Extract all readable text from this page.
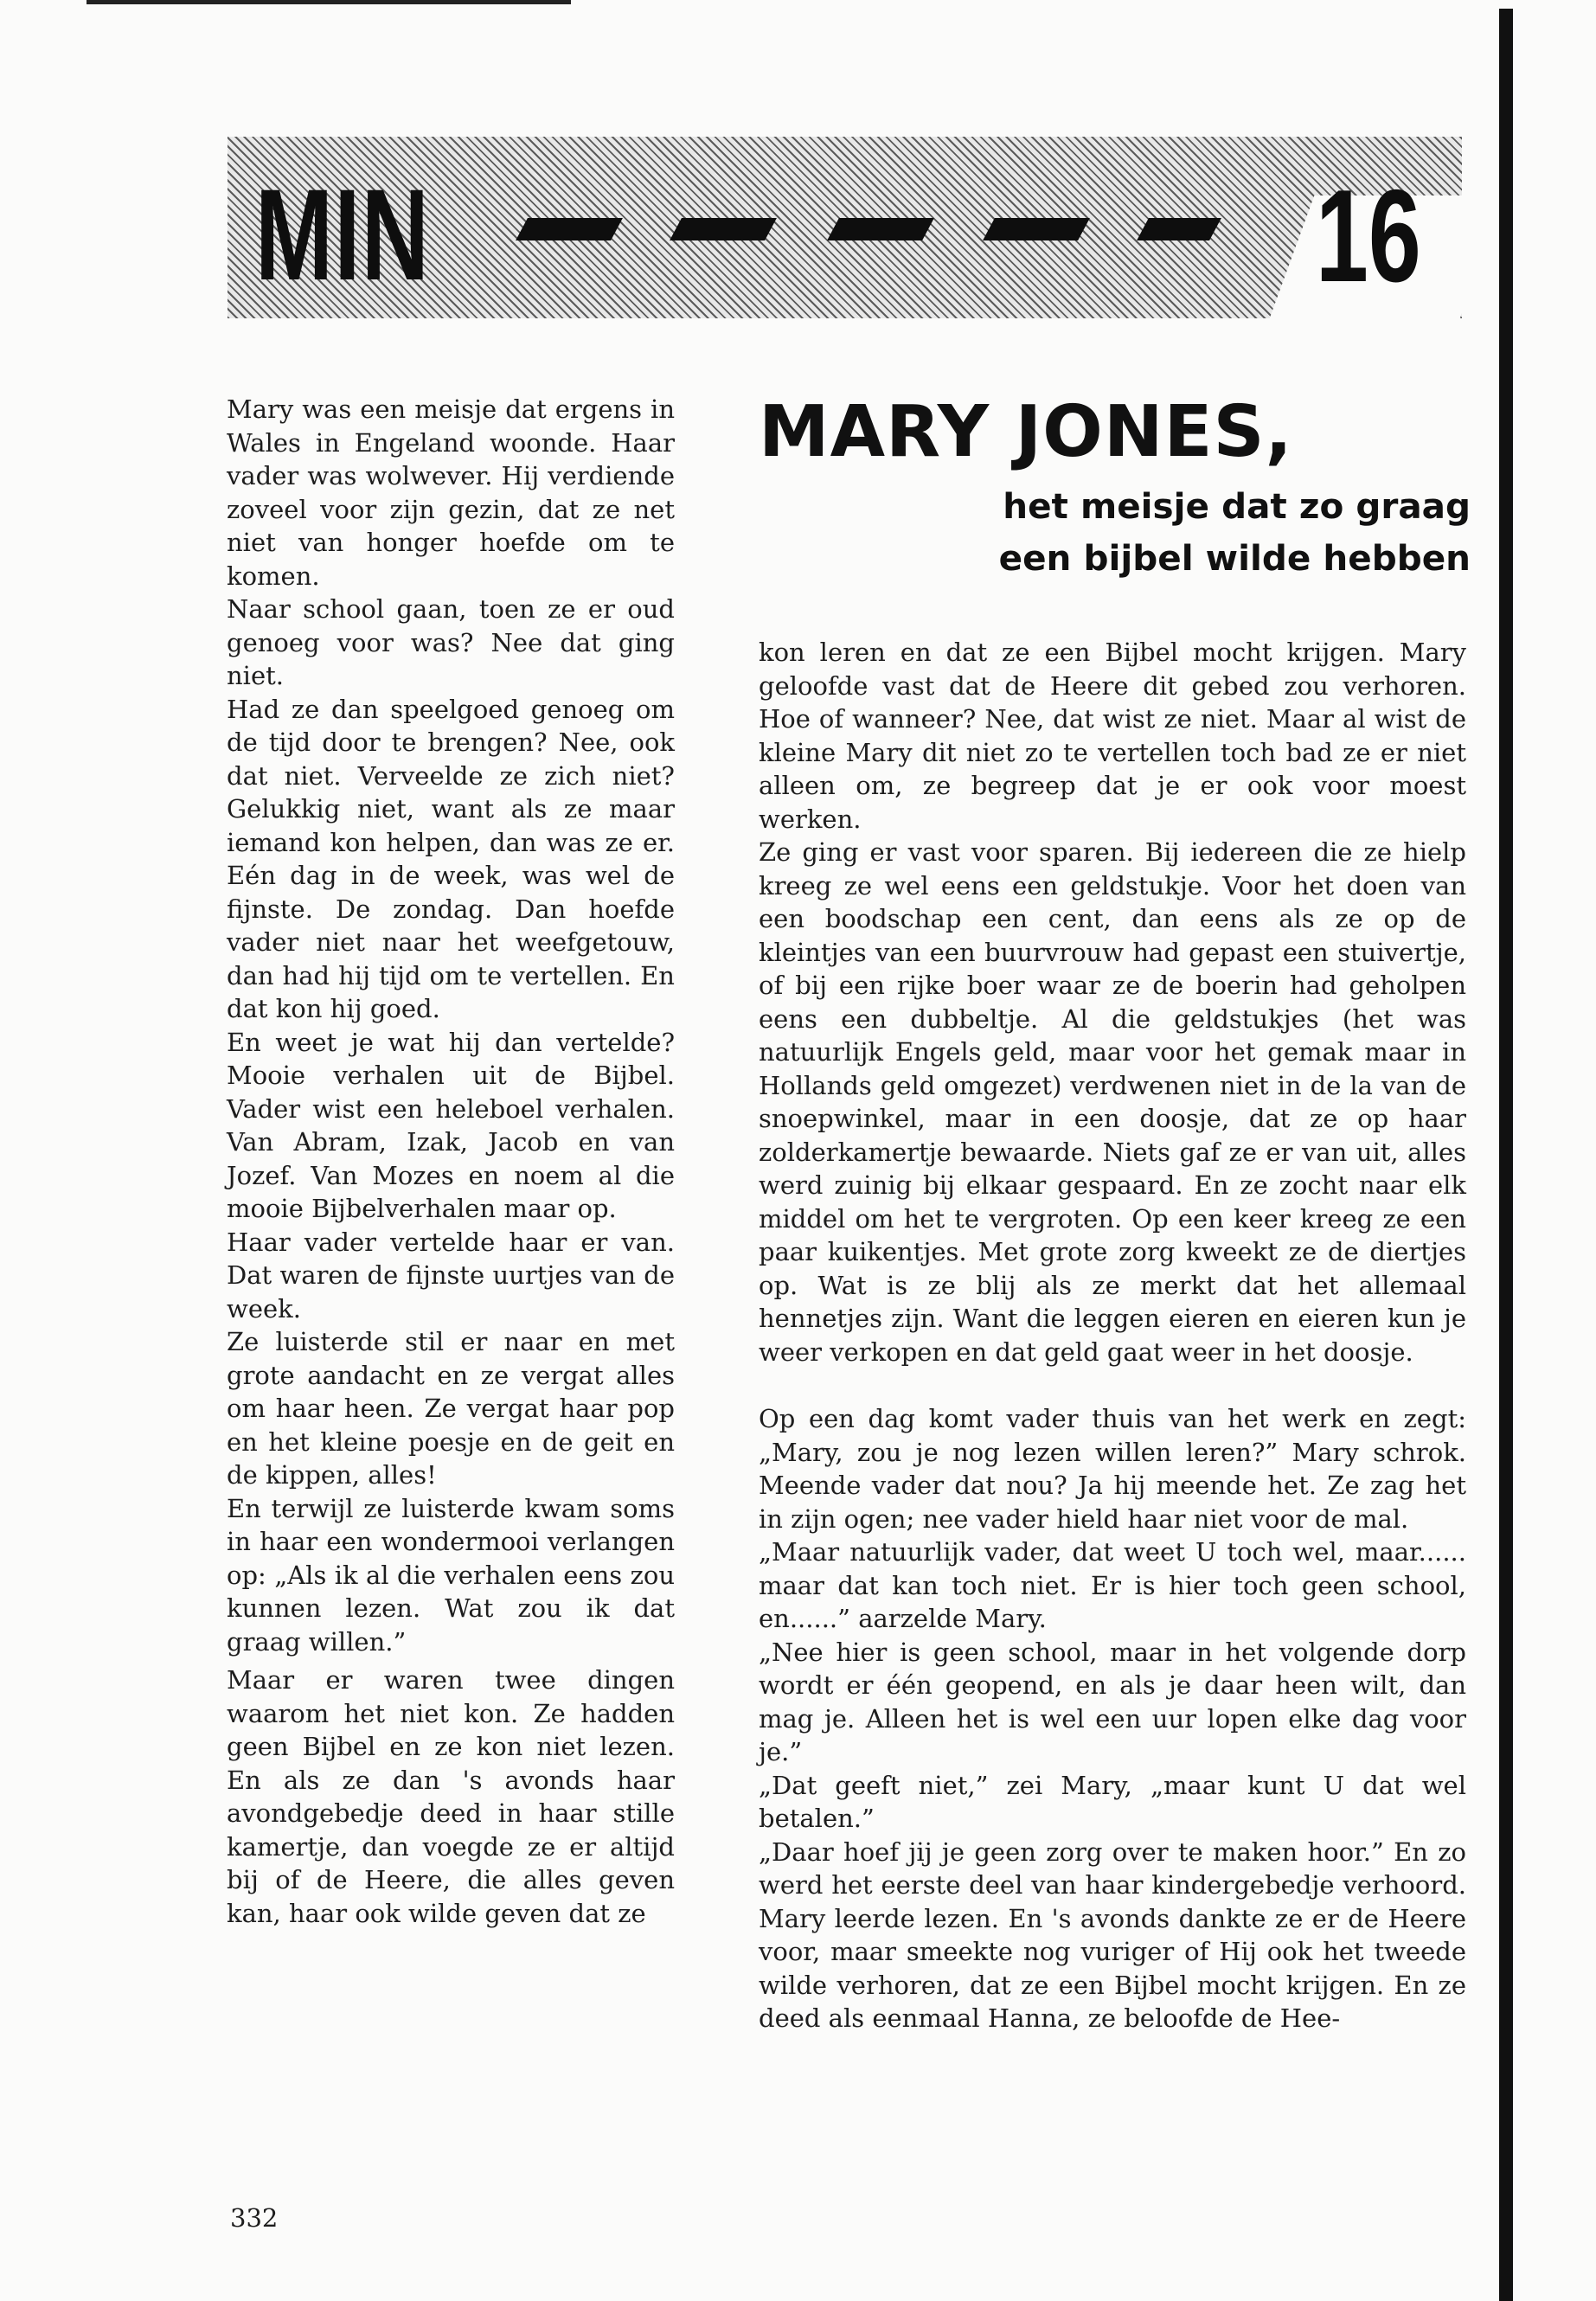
MIN	16
MARY JONES,
het meisje dat zo graag
een bijbel wilde hebben

Mary was een meisje dat ergens in Wales in Engeland woonde. Haar vader was wolwever. Hij verdiende zoveel voor zijn gezin, dat ze net niet van honger hoefde om te komen.

Naar school gaan, toen ze er oud genoeg voor was? Nee dat ging niet.

Had ze dan speelgoed genoeg om de tijd door te brengen? Nee, ook dat niet. Verveelde ze zich niet? Gelukkig niet, want als ze maar iemand kon helpen, dan was ze er. Eén dag in de week, was wel de fijnste. De zondag. Dan hoefde vader niet naar het weefgetouw, dan had hij tijd om te vertellen. En dat kon hij goed.

En weet je wat hij dan vertelde? Mooie verhalen uit de Bijbel. Vader wist een heleboel verhalen. Van Abram, Izak, Jacob en van Jozef. Van Mozes en noem al die mooie Bijbelverhalen maar op.

Haar vader vertelde haar er van. Dat waren de fijnste uurtjes van de week.

Ze luisterde stil er naar en met grote aandacht en ze vergat alles om haar heen. Ze vergat haar pop en het kleine poesje en de geit en de kippen, alles!

En terwijl ze luisterde kwam soms in haar een wondermooi verlangen op: „Als ik al die verhalen eens zou kunnen lezen. Wat zou ik dat graag willen.”

Maar er waren twee dingen waarom het niet kon. Ze hadden geen Bijbel en ze kon niet lezen. En als ze dan 's avonds haar avondgebedje deed in haar stille kamertje, dan voegde ze er altijd bij of de Heere, die alles geven kan, haar ook wilde geven dat ze

kon leren en dat ze een Bijbel mocht krijgen. Mary geloofde vast dat de Heere dit gebed zou verhoren. Hoe of wanneer? Nee, dat wist ze niet. Maar al wist de kleine Mary dit niet zo te vertellen toch bad ze er niet alleen om, ze begreep dat je er ook voor moest werken.

Ze ging er vast voor sparen. Bij iedereen die ze hielp kreeg ze wel eens een geldstukje. Voor het doen van een boodschap een cent, dan eens als ze op de kleintjes van een buurvrouw had gepast een stuivertje, of bij een rijke boer waar ze de boerin had geholpen eens een dubbeltje. Al die geldstukjes (het was natuurlijk Engels geld, maar voor het gemak maar in Hollands geld omgezet) verdwenen niet in de la van de snoepwinkel, maar in een doosje, dat ze op haar zolderkamertje bewaarde. Niets gaf ze er van uit, alles werd zuinig bij elkaar gespaard. En ze zocht naar elk middel om het te vergroten. Op een keer kreeg ze een paar kuikentjes. Met grote zorg kweekt ze de diertjes op. Wat is ze blij als ze merkt dat het allemaal hennetjes zijn. Want die leggen eieren en eieren kun je weer verkopen en dat geld gaat weer in het doosje.

Op een dag komt vader thuis van het werk en zegt: „Mary, zou je nog lezen willen leren?” Mary schrok. Meende vader dat nou? Ja hij meende het. Ze zag het in zijn ogen; nee vader hield haar niet voor de mal.

„Maar natuurlijk vader, dat weet U toch wel, maar...... maar dat kan toch niet. Er is hier toch geen school, en......” aarzelde Mary.

„Nee hier is geen school, maar in het volgende dorp wordt er één geopend, en als je daar heen wilt, dan mag je. Alleen het is wel een uur lopen elke dag voor je.”

„Dat geeft niet,” zei Mary, „maar kunt U dat wel betalen.”

„Daar hoef jij je geen zorg over te maken hoor.” En zo werd het eerste deel van haar kindergebedje verhoord. Mary leerde lezen. En 's avonds dankte ze er de Heere voor, maar smeekte nog vuriger of Hij ook het tweede wilde verhoren, dat ze een Bijbel mocht krijgen. En ze deed als eenmaal Hanna, ze beloofde de Hee-

332
